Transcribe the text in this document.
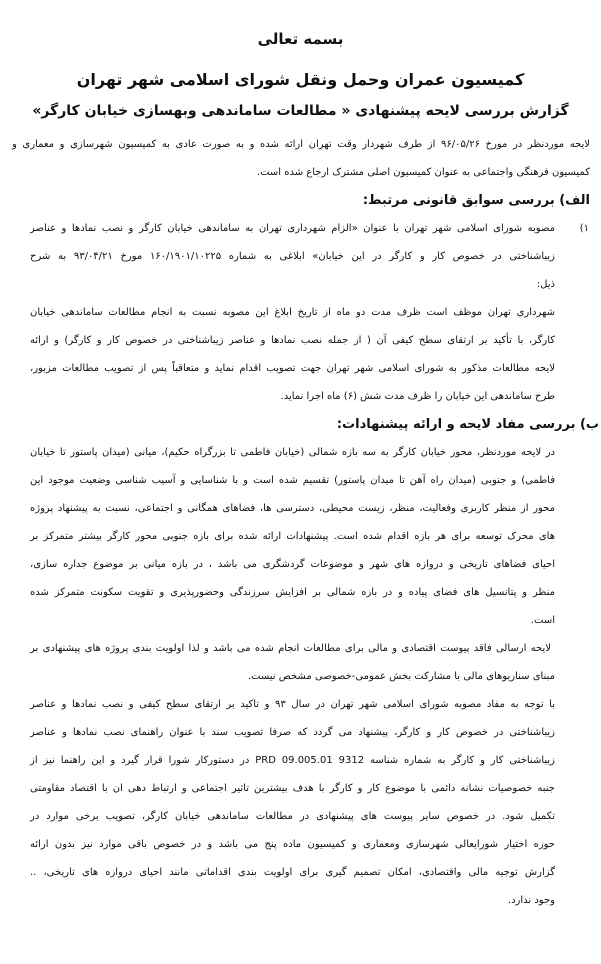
بسمه تعالی
کمیسیون عمران وحمل ونقل شورای اسلامی شهر تهران
گزارش بررسی لایحه پیشنهادی « مطالعات ساماندهی وبهسازی خیابان کارگر»
لایحه موردنظر در مورخ ۹۶/۰۵/۲۶ از طرف شهردار وقت تهران ارائه شده و به صورت عادی به کمیسیون شهرسازی و معماری و
کمیسیون فرهنگی واجتماعی به عنوان کمیسیون اصلی مشترک ارجاع شده است.
الف) بررسی سوابق قانونی مرتبط:
۱)
مصوبه شورای اسلامی شهر تهران با عنوان «الزام شهرداری تهران به ساماندهی خیابان کارگر و نصب نمادها و عناصر
زیباشناختی در خصوص کار و کارگر در این خیابان» ابلاغی به شماره ۱۶۰/۱۹۰۱/۱۰۲۲۵ مورخ ۹۳/۰۴/۲۱ به شرح
ذیل:
شهرداری تهران موظف است ظرف مدت دو ماه از تاریخ ابلاغ این مصوبه نسبت به انجام مطالعات ساماندهی خیابان
کارگر، با تأکید بر ارتقای سطح کیفی آن ( از جمله نصب نمادها و عناصر زیباشناختی در خصوص کار و کارگر) و ارائه
لایحه مطالعات مذکور به شورای اسلامی شهر تهران جهت تصویب اقدام نماید و متعاقباً پس از تصویب مطالعات مزبور،
طرح ساماندهی این خیابان را ظرف مدت شش (۶) ماه اجرا نماید.
ب) بررسی مفاد لایحه و ارائه پیشنهادات:
در لایحه موردنظر، محور خیابان کارگر به سه بازه شمالی (خیابان فاطمی تا بزرگراه حکیم)، میانی (میدان پاستور تا خیابان
فاطمی) و جنوبی (میدان راه آهن تا میدان پاستور) تقسیم شده است و با شناسایی و آسیب شناسی وضعیت موجود این
محور از منظر کاربری وفعالیت، منظر، زیست محیطی، دسترسی ها، فضاهای همگانی و اجتماعی، نسبت به پیشنهاد پروژه
های محرک توسعه برای هر بازه اقدام شده است. پیشنهادات ارائه شده برای بازه جنوبی محور کارگر بیشتر متمرکز بر
احیای فضاهای تاریخی و دروازه های شهر و موضوعات گردشگری می باشد ، در بازه میانی بر موضوع جداره سازی،
منظر و پتانسیل های فضای پیاده و در بازه شمالی بر افزایش سرزندگی وحضورپذیری و تقویت سکونت متمرکز شده
است.
لایحه ارسالی فاقد پیوست اقتصادی و مالی برای مطالعات انجام شده می باشد و لذا اولویت بندی پروژه های پیشنهادی بر
مبنای سناریوهای مالی با مشارکت بخش عمومی-خصوصی مشخص نیست.
با توجه به مفاد مصوبه شورای اسلامی شهر تهران در سال ۹۳ و تاکید بر ارتقای سطح کیفی و نصب نمادها و عناصر
زیباشناختی در خصوص کار و کارگر، پیشنهاد می گردد که صرفا تصویب سند با عنوان راهنمای نصب نمادها و عناصر
زیباشناختی کار و کارگر به شماره شناسه 9312 PRD 09.005.01 در دستورکار شورا قرار گیرد و این راهنما نیز از
جنبه خصوصیات نشانه دائمی با موضوع کار و کارگر با هدف بیشترین تاثیر اجتماعی و ارتباط دهی ان با اقتصاد مقاومتی
تکمیل شود. در خصوص سایر پیوست های پیشنهادی در مطالعات ساماندهی خیابان کارگر، تصویب برخی موارد در
حوزه اختیار شورایعالی شهرسازی ومعماری و کمیسیون ماده پنج می باشد و در خصوص باقی موارد نیز بدون ارائه
گزارش توجیه مالی واقتصادی، امکان تصمیم گیری برای اولویت بندی اقداماتی مانند احیای دروازه های تاریخی، ..
وجود ندارد.
